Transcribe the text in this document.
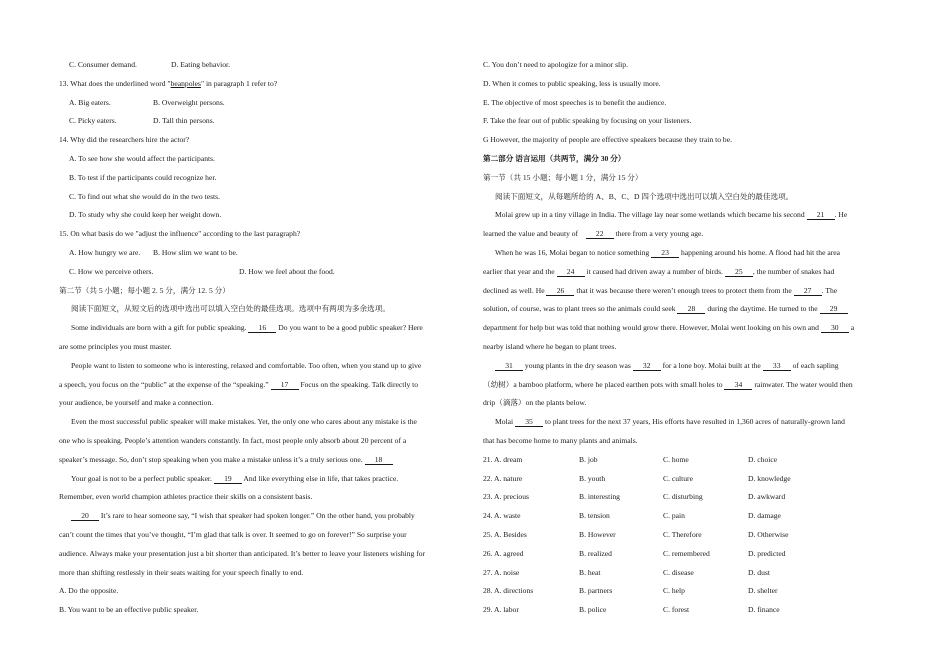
C. Consumer demand.	D. Eating behavior.
13. What does the underlined word "beanpoles" in paragraph 1 refer to?
A. Big eaters.	B. Overweight persons.
C. Picky eaters.	D. Tall thin persons.
14. Why did the researchers hire the actor?
A. To see how she would affect the participants.
B. To test if the participants could recognize her.
C. To find out what she would do in the two tests.
D. To study why she could keep her weight down.
15. On what basis do we "adjust the influence" according to the last paragraph?
A. How hungry we are. B. How slim we want to be.
C. How we perceive others.	D. How we feel about the food.
第二节（共 5 小题；每小题 2. 5 分，满分 12. 5 分）
阅读下面短文，从短文后的选项中选出可以填入空白处的最佳选项。选项中有两项为多余选项。
Some individuals are born with a gift for public speaking. 16 Do you want to be a good public speaker? Here
are some principles you must master.
People want to listen to someone who is interesting, relaxed and comfortable. Too often, when you stand up to give
a speech, you focus on the “public” at the expense of the “speaking.” 17 Focus on the speaking. Talk directly to
your audience, be yourself and make a connection.
Even the most successful public speaker will make mistakes. Yet, the only one who cares about any mistake is the
one who is speaking. People’s attention wanders constantly. In fact, most people only absorb about 20 percent of a
speaker’s message. So, don’t stop speaking when you make a mistake unless it’s a truly serious one. 18
Your goal is not to be a perfect public speaker. 19 And like everything else in life, that takes practice.
Remember, even world champion athletes practice their skills on a consistent basis.
20 It’s rare to hear someone say, “I wish that speaker had spoken longer.” On the other hand, you probably
can’t count the times that you’ve thought, “I’m glad that talk is over. It seemed to go on forever!” So surprise your
audience. Always make your presentation just a bit shorter than anticipated. It’s better to leave your listeners wishing for
more than shifting restlessly in their seats waiting for your speech finally to end.
A. Do the opposite.
B. You want to be an effective public speaker.
C. You don’t need to apologize for a minor slip.
D. When it comes to public speaking, less is usually more.
E. The objective of most speeches is to benefit the audience.
F. Take the fear out of public speaking by focusing on your listeners.
G However, the majority of people are effective speakers because they train to be.
第二部分 语言运用（共两节，满分 30 分）
第一节（共 15 小题；每小题 1 分，满分 15 分）
阅读下面短文，从每题所给的 A、B、C、D 四个选项中选出可以填入空白处的最佳选项。
Molai grew up in a tiny village in India. The village lay near some wetlands which became his second 21 . He
learned the value and beauty of 22 there from a very young age.
When he was 16, Molai began to notice something 23 happening around his home. A flood had hit the area
earlier that year and the 24 it caused had driven away a number of birds. 25 , the number of snakes had
declined as well. He 26 that it was because there weren’t enough trees to protect them from the 27 . The
solution, of course, was to plant trees so the animals could seek 28 during the daytime. He turned to the 29
department for help but was told that nothing would grow there. However, Molai went looking on his own and 30 a
nearby island where he began to plant trees.
31 young plants in the dry season was 32 for a lone boy. Molai built at the 33 of each sapling
（幼树）a bamboo platform, where he placed earthen pots with small holes to 34 rainwater. The water would then
drip（滴落）on the plants below.
Molai 35 to plant trees for the next 37 years, His efforts have resulted in 1,360 acres of naturally-grown land
that has become home to many plants and animals.
21. A. dream	B. job	C. home	D. choice
22. A. nature	B. youth	C. culture	D. knowledge
23. A. precious	B. interesting	C. disturbing	D. awkward
24. A. waste	B. tension	C. pain	D. damage
25. A. Besides	B. However	C. Therefore	D. Otherwise
26. A. agreed	B. realized	C. remembered	D. predicted
27. A. noise	B. heat	C. disease	D. dust
28. A. directions	B. partners	C. help	D. shelter
29. A. labor	B. police	C. forest	D. finance
